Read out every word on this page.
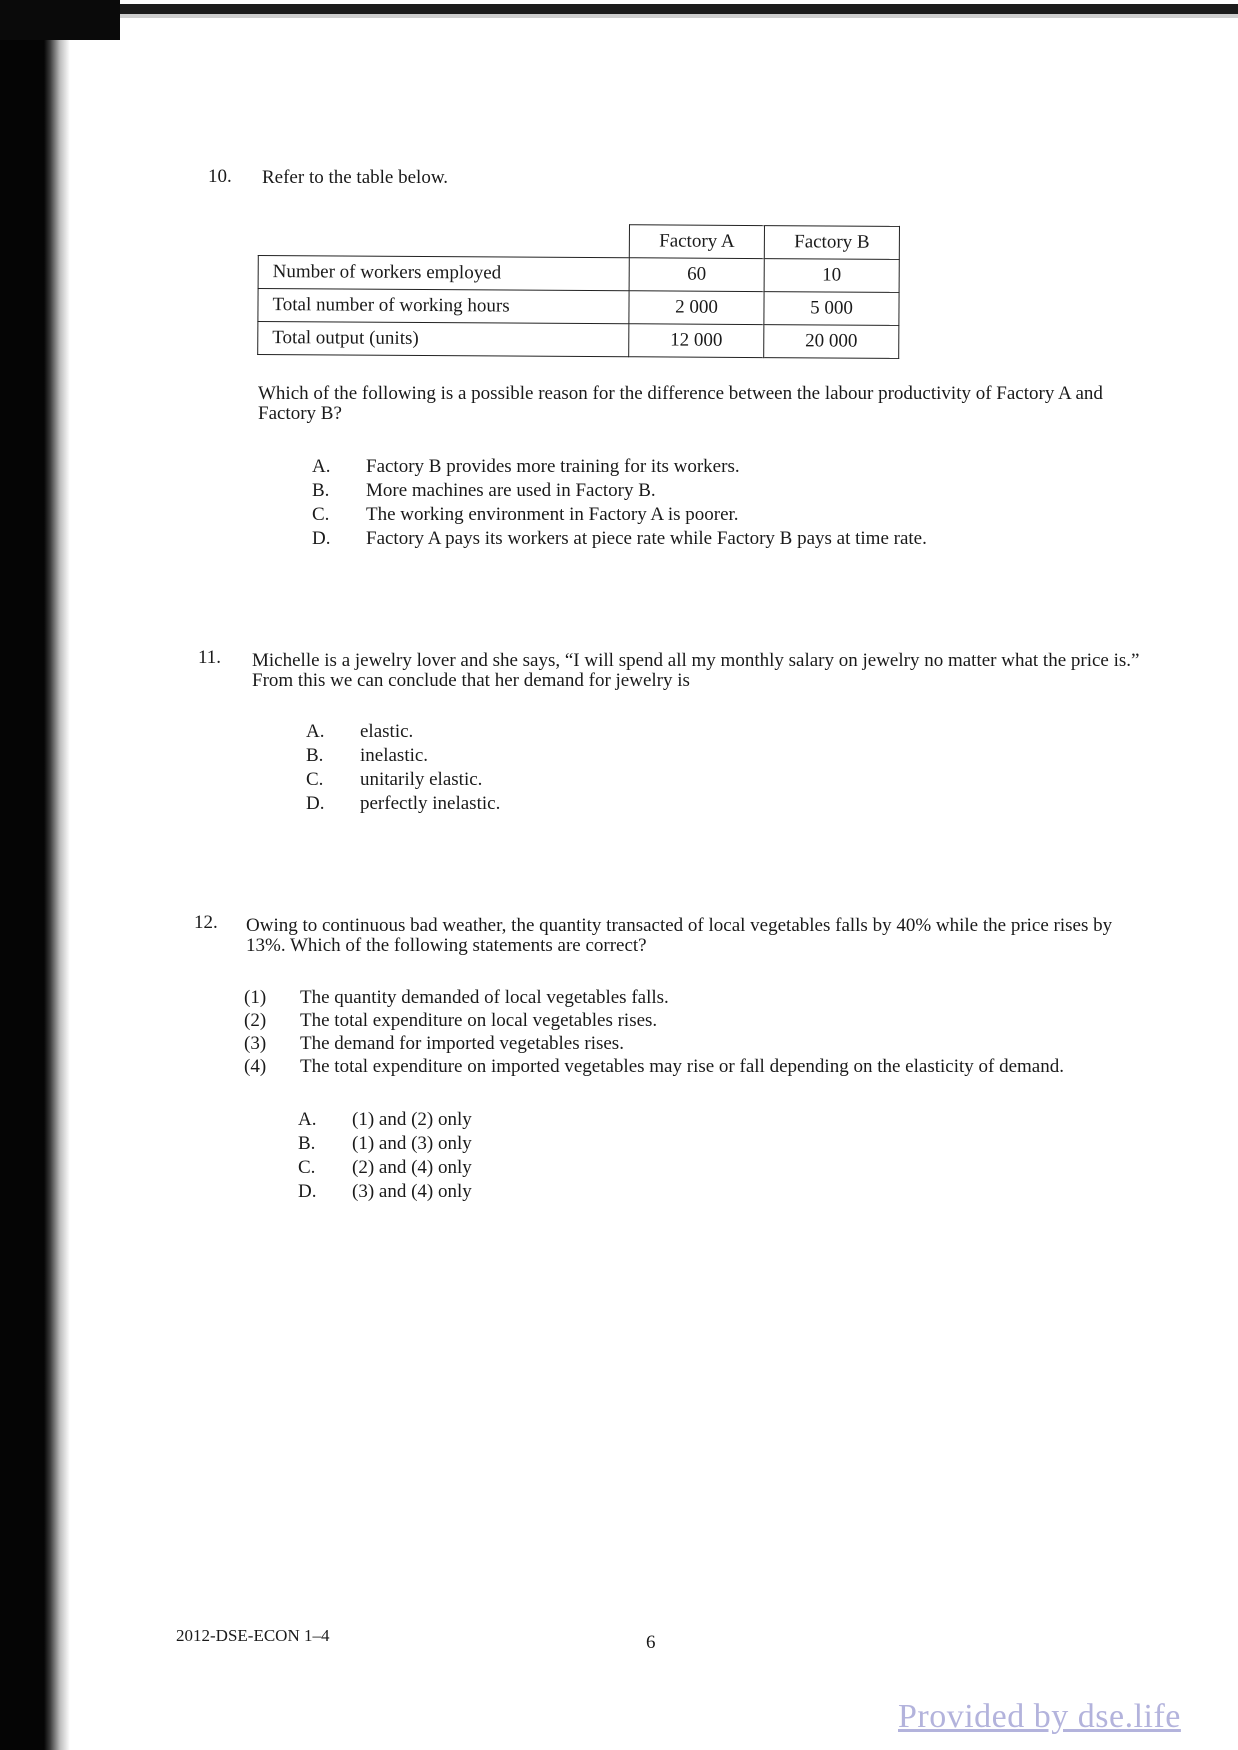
10. Refer to the table below.
	Factory A	Factory B
Number of workers employed	60	10
Total number of working hours	2 000	5 000
Total output (units)	12 000	20 000
Which of the following is a possible reason for the difference between the labour productivity of Factory A and Factory B?
A.	Factory B provides more training for its workers.
B.	More machines are used in Factory B.
C.	The working environment in Factory A is poorer.
D.	Factory A pays its workers at piece rate while Factory B pays at time rate.
11. Michelle is a jewelry lover and she says, “I will spend all my monthly salary on jewelry no matter what the price is.” From this we can conclude that her demand for jewelry is
A.	elastic.
B.	inelastic.
C.	unitarily elastic.
D.	perfectly inelastic.
12. Owing to continuous bad weather, the quantity transacted of local vegetables falls by 40% while the price rises by 13%. Which of the following statements are correct?
(1)	The quantity demanded of local vegetables falls.
(2)	The total expenditure on local vegetables rises.
(3)	The demand for imported vegetables rises.
(4)	The total expenditure on imported vegetables may rise or fall depending on the elasticity of demand.
A.	(1) and (2) only
B.	(1) and (3) only
C.	(2) and (4) only
D.	(3) and (4) only
2012-DSE-ECON 1–4	6
Provided by dse.life
